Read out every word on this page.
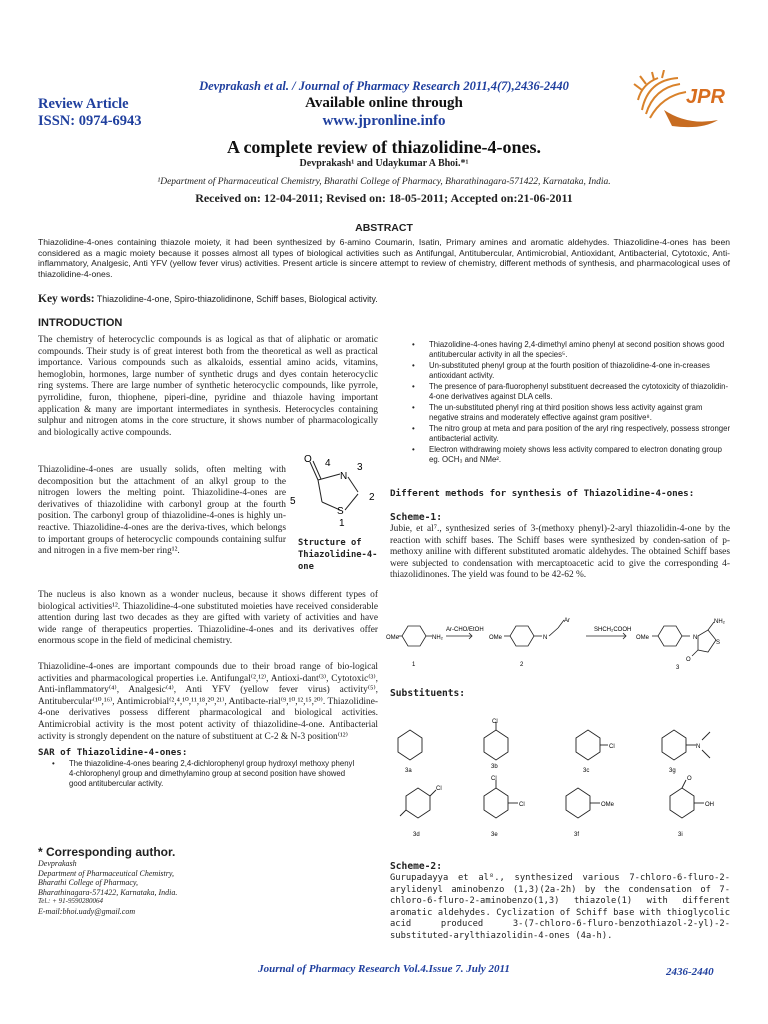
Devprakash et al. / Journal of Pharmacy Research 2011,4(7),2436-2440
Review Article
ISSN: 0974-6943
Available online through
www.jpronline.info
JPR
A complete review of thiazolidine-4-ones.
Devprakash¹ and Udaykumar A Bhoi.*¹
¹Department of Pharmaceutical Chemistry, Bharathi College of Pharmacy, Bharathinagara-571422, Karnataka, India.
Received on: 12-04-2011; Revised on: 18-05-2011; Accepted on:21-06-2011
ABSTRACT
Thiazolidine-4-ones containing thiazole moiety, it had been synthesized by 6-amino Coumarin, Isatin, Primary amines and aromatic aldehydes. Thiazolidine-4-ones has been considered as a magic moiety because it posses almost all types of biological activities such as Antifungal, Antitubercular, Antimicrobial, Antioxidant, Antibacterial, Cytotoxic, Anti-inflammatory, Analgesic, Anti YFV (yellow fever virus) activities. Present article is sincere attempt to review of chemistry, different methods of synthesis, and pharmacological uses of thiazolidine-4-ones.
Key words: Thiazolidine-4-one, Spiro-thiazolidinone, Schiff bases, Biological activity.
INTRODUCTION
The chemistry of heterocyclic compounds is as logical as that of aliphatic or aromatic compounds. Their study is of great interest both from the theoretical as well as practical importance. Various compounds such as alkaloids, essential amino acids, vitamins, hemoglobin, hormones, large number of synthetic drugs and dyes contain heterocyclic ring systems. There are large number of synthetic heterocyclic compounds, like pyrrole, pyrrolidine, furon, thiophene, piperi-dine, pyridine and thiazole having important application & many are important intermediates in synthesis. Heterocycles containing sulphur and nitrogen atoms in the core structure, it shows number of pharmacologically and biologically active compounds.
Thiazolidine-4-ones are usually solids, often melting with decomposition but the attachment of an alkyl group to the nitrogen lowers the melting point. Thiazolidine-4-ones are derivatives of thiazolidine with carbonyl group at the fourth position. The carbonyl group of thiazolidine-4-ones is highly un-reactive. Thiazolidine-4-ones are the deriva-tives, which belongs to important groups of heterocyclic compounds containing sulfur and nitrogen in a five mem-ber ring¹².
O 4
N
3
2
S
1
5
Structure of Thiazolidine-4-one
The nucleus is also known as a wonder nucleus, because it shows different types of biological activities¹². Thiazolidine-4-one substituted moieties have received considerable attention during last two decades as they are gifted with variety of activities and have wide range of therapeutics properties. Thiazolidine-4-ones and its derivatives offer enormous scope in the field of medicinal chemistry.
Thiazolidine-4-ones are important compounds due to their broad range of bio-logical activities and pharmacological properties i.e. Antifungal⁽²,¹²⁾, Antioxi-dant⁽³⁾, Cytotoxic⁽³⁾, Anti-inflammatory⁽⁴⁾, Analgesic⁽⁴⁾, Anti YFV (yellow fever virus) activity⁽⁵⁾, Antitubercular⁽¹⁰,¹⁶⁾, Antimicrobial⁽²,⁴,¹⁰,¹¹,¹⁸,²⁰,²¹⁾, Antibacte-rial⁽⁹,¹⁰,¹²,¹⁵,²⁰⁾. Thiazolidine-4-one derivatives possess different pharmacological and biological activities. Antimicrobial activity is the most potent activity of thiazolidine-4-one. Antibacterial activity is strongly dependent on the nature of substituent at C-2 & N-3 position⁽¹²⁾
SAR of Thiazolidine-4-ones:
• The thiazolidine-4-ones bearing 2,4-dichlorophenyl group hydroxyl methoxy phenyl 4-chlorophenyl group and dimethylamino group at second position have showed good antitubercular activity.
* Corresponding author.
Devprakash
Department of Pharmaceutical Chemistry,
Bharathi College of Pharmacy,
Bharathinagara-571422, Karnataka, India.
Tel.: + 91-9590280064
E-mail:bhoi.uady@gmail.com
• Thiazolidine-4-ones having 2,4-dimethyl amino phenyl at second position shows good antitubercular activity in all the species⁵.
• Un-substituted phenyl group at the fourth position of thiazolidine-4-one in-creases antioxidant activity.
• The presence of para-fluorophenyl substituent decreased the cytotoxicity of thiazolidin-4-one derivatives against DLA cells.
• The un-substituted phenyl ring at third position shows less activity against gram negative strains and moderately effective against gram positive⁸.
• The nitro group at meta and para position of the aryl ring respectively, possess stronger antibacterial activity.
• Electron withdrawing moiety shows less activity compared to electron donating group eg. OCH₃ and NMe².
Different methods for synthesis of Thiazolidine-4-ones:
Scheme-1:
Jubie, et al⁷., synthesized series of 3-(methoxy phenyl)-2-aryl thiazolidin-4-one by the reaction with schiff bases. The Schiff bases were synthesized by conden-sation of p-methoxy aniline with different substituted aromatic aldehydes. The obtained Schiff bases were subjected to condensation with mercaptoacetic acid to give the corresponding 4-thiazolidinones. The yield was found to be 42-62 %.
OMe	NH₂
Ar-CHO/EtOH
OMe	N
Ar
SHCH₂COOH
OMe	N
NH₂
S
O
1	2	3
Substituents:
3a
3b
Cl
3c
Cl
3g
N
3d
Cl
3e
Cl
Cl
3f
OMe
3i
O
OH
Scheme-2:
Gurupadayya et al⁸., synthesized various 7-chloro-6-fluro-2-arylidenyl aminobenzo (1,3)(2a-2h) by the condensation of 7-chloro-6-fluro-2-aminobenzo(1,3) thiazole(1) with different aromatic aldehydes. Cyclization of Schiff base with thioglycolic acid produced 3-(7-chloro-6-fluro-benzothiazol-2-yl)-2-substituted-arylthiazolidin-4-ones (4a-h).
Journal of Pharmacy Research Vol.4.Issue 7. July 2011	2436-2440
